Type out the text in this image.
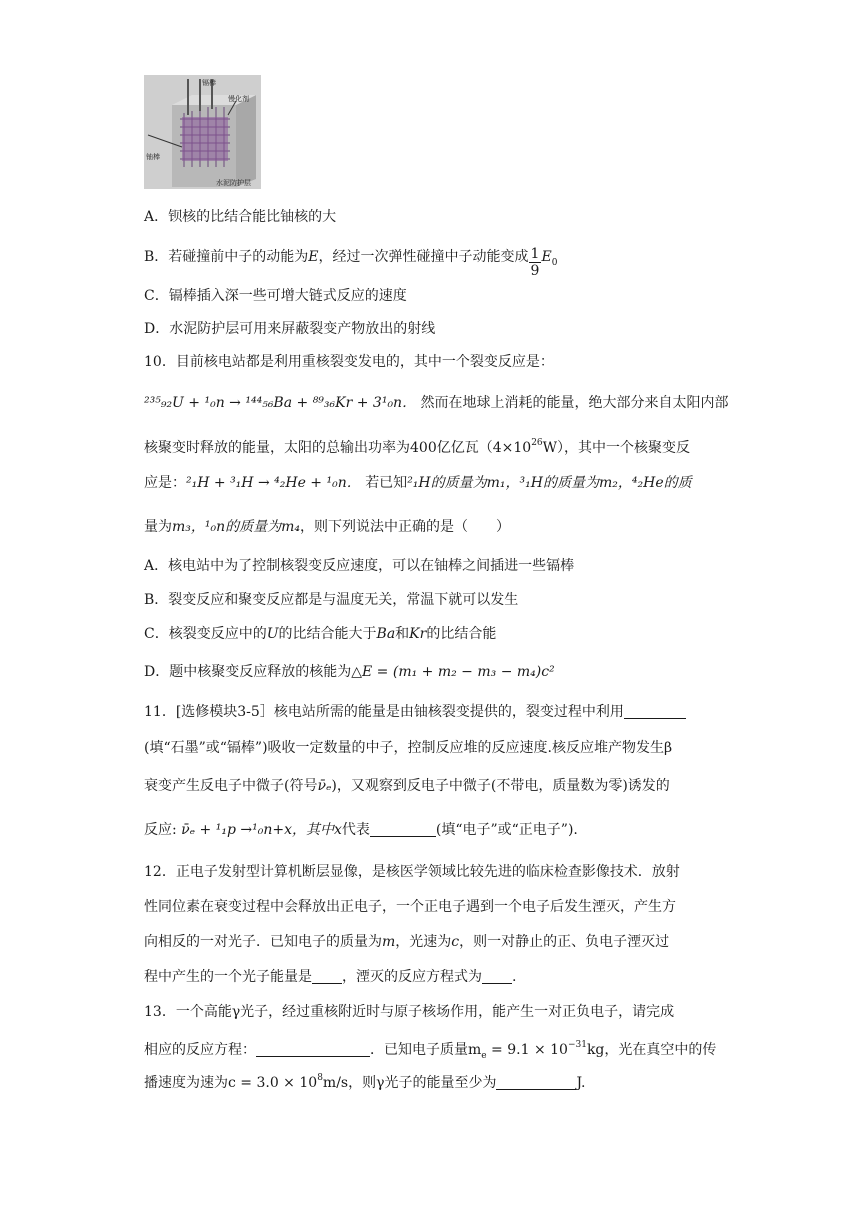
镉棒
慢化剂
铀棒
水泥防护层
A．钡核的比结合能比铀核的大
B．若碰撞前中子的动能为E，经过一次弹性碰撞中子动能变成 $\frac{1}{9} E_0$
C．镉棒插入深一些可增大链式反应的速度
D．水泥防护层可用来屏蔽裂变产物放出的射线
10．目前核电站都是利用重核裂变发电的，其中一个裂变反应是：
²³⁵₉₂U + ¹₀n → ¹⁴⁴₅₆Ba + ⁸⁹₃₆Kr + 3¹₀n． 然而在地球上消耗的能量，绝大部分来自太阳内部
核聚变时释放的能量，太阳的总输出功率为400亿亿瓦$(4\times 10^{26}W)$，其中一个核聚变反
应是：²₁H + ³₁H → ⁴₂He + ¹₀n． 若已知²₁H的质量为m₁，³₁H的质量为m₂，⁴₂He的质
量为m₃，¹₀n的质量为m₄，则下列说法中正确的是（　　）
A．核电站中为了控制核裂变反应速度，可以在铀棒之间插进一些镉棒
B．裂变反应和聚变反应都是与温度无关，常温下就可以发生
C．核裂变反应中的U的比结合能大于Ba和Kr的比结合能
D．题中核聚变反应释放的核能为△E = (m₁ + m₂ − m₃ − m₄)c²
11．[选修模块3-5］核电站所需的能量是由铀核裂变提供的，裂变过程中利用
(填“石墨”或“镉棒”)吸收一定数量的中子，控制反应堆的反应速度.核反应堆产物发生β
衰变产生反电子中微子(符号ν̄ₑ)，又观察到反电子中微子(不带电，质量数为零)诱发的
反应: ν̄ₑ + ¹₁p →¹₀n+x，其中x代表	(填“电子”或“正电子”).
12．正电子发射型计算机断层显像，是核医学领域比较先进的临床检查影像技术．放射
性同位素在衰变过程中会释放出正电子，一个正电子遇到一个电子后发生湮灭，产生方
向相反的一对光子．已知电子的质量为m，光速为c，则一对静止的正、负电子湮灭过
程中产生的一个光子能量是 ，湮灭的反应方程式为 .
13．一个高能γ光子，经过重核附近时与原子核场作用，能产生一对正负电子，请完成
相应的反应方程：	．已知电子质量$m_e = 9.1 \times 10^{-31}kg$，光在真空中的传
播速度为速为$c = 3.0 \times 10^8m/s$，则γ光子的能量至少为	J.
